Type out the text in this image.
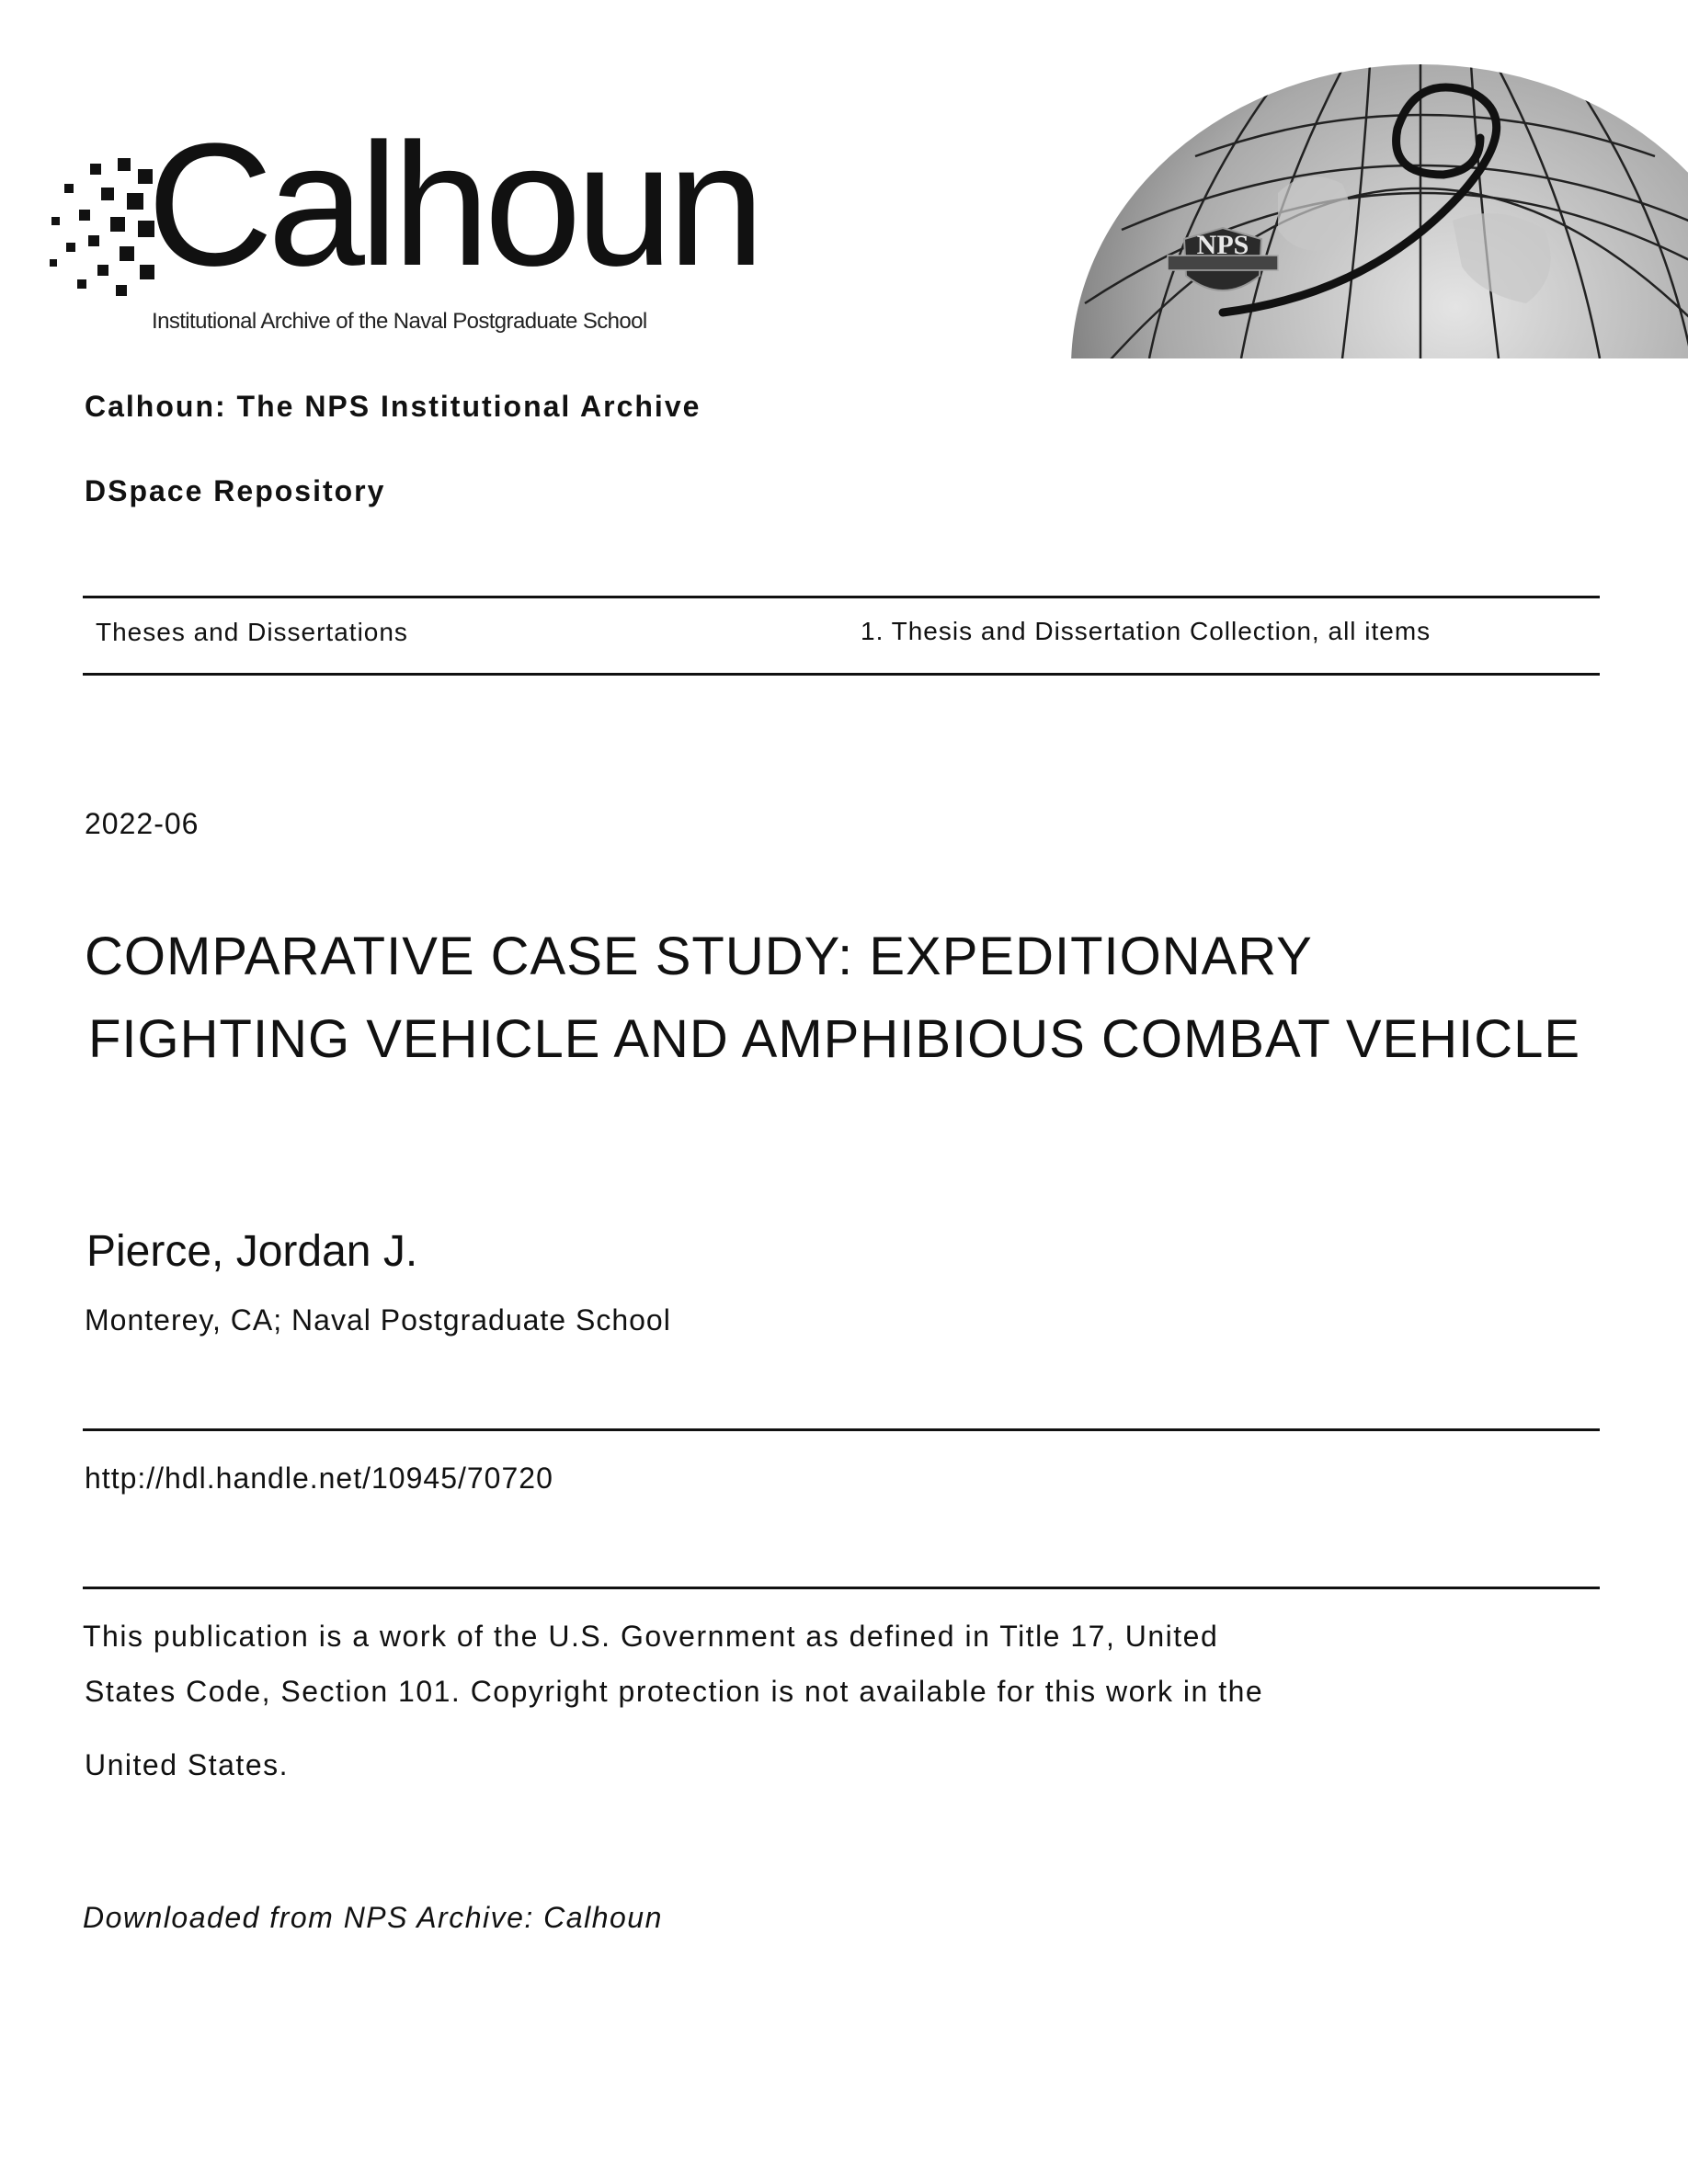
Calhoun
Institutional Archive of the Naval Postgraduate School
NPS
Calhoun: The NPS Institutional Archive
DSpace Repository
Theses and Dissertations	1. Thesis and Dissertation Collection, all items
2022-06
COMPARATIVE CASE STUDY: EXPEDITIONARY
FIGHTING VEHICLE AND AMPHIBIOUS COMBAT VEHICLE
Pierce, Jordan J.
Monterey, CA; Naval Postgraduate School
http://hdl.handle.net/10945/70720
This publication is a work of the U.S. Government as defined in Title 17, United
States Code, Section 101. Copyright protection is not available for this work in the
United States.
Downloaded from NPS Archive: Calhoun
